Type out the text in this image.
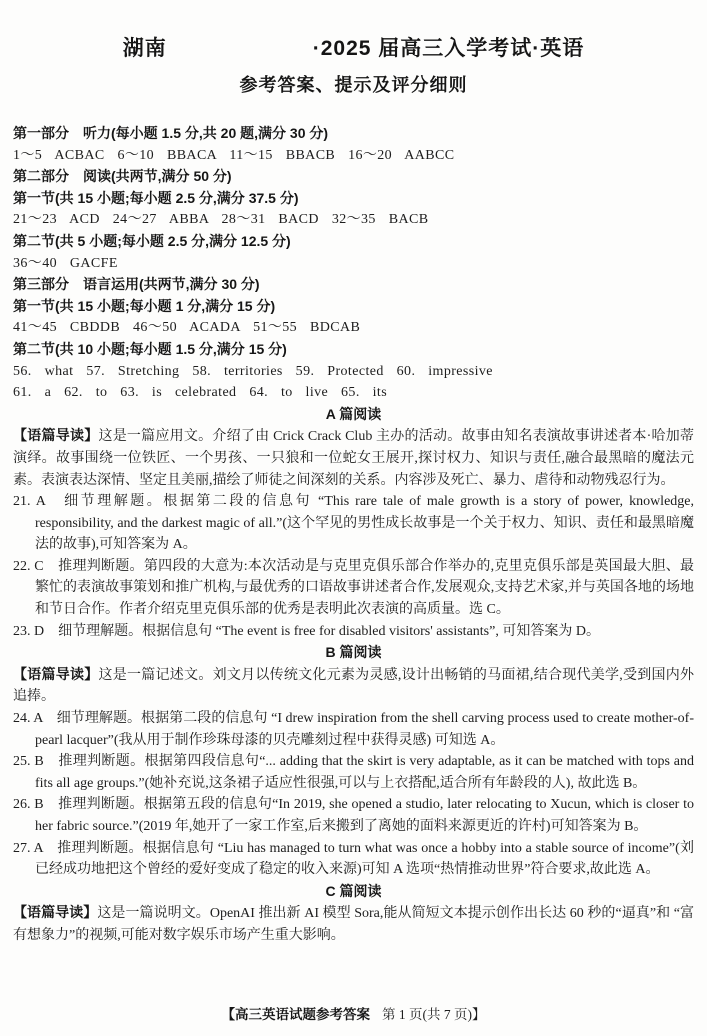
湖南	·2025 届高三入学考试·英语
参考答案、提示及评分细则

第一部分　听力(每小题 1.5 分,共 20 题,满分 30 分)

1～5 ACBAC 6～10 BBACA 11～15 BBACB 16～20 AABCC

第二部分　阅读(共两节,满分 50 分)

第一节(共 15 小题;每小题 2.5 分,满分 37.5 分)

21～23 ACD 24～27 ABBA 28～31 BACD 32～35 BACB

第二节(共 5 小题;每小题 2.5 分,满分 12.5 分)

36～40 GACFE

第三部分　语言运用(共两节,满分 30 分)

第一节(共 15 小题;每小题 1 分,满分 15 分)

41～45 CBDDB 46～50 ACADA 51～55 BDCAB

第二节(共 10 小题;每小题 1.5 分,满分 15 分)

56. what 57. Stretching 58. territories 59. Protected 60. impressive

61. a 62. to 63. is celebrated 64. to live 65. its

A 篇阅读

【语篇导读】这是一篇应用文。介绍了由 Crick Crack Club 主办的活动。故事由知名表演故事讲述者本·哈加蒂演绎。故事围绕一位铁匠、一个男孩、一只狼和一位蛇女王展开,探讨权力、知识与责任,融合最黑暗的魔法元素。表演表达深情、坚定且美丽,描绘了师徒之间深刻的关系。内容涉及死亡、暴力、虐待和动物残忍行为。

21. A　细节理解题。根据第二段的信息句 “This rare tale of male growth is a story of power, knowledge, responsibility, and the darkest magic of all.”(这个罕见的男性成长故事是一个关于权力、知识、责任和最黑暗魔法的故事),可知答案为 A。

22. C　推理判断题。第四段的大意为:本次活动是与克里克俱乐部合作举办的,克里克俱乐部是英国最大胆、最繁忙的表演故事策划和推广机构,与最优秀的口语故事讲述者合作,发展观众,支持艺术家,并与英国各地的场地和节日合作。作者介绍克里克俱乐部的优秀是表明此次表演的高质量。选 C。

23. D　细节理解题。根据信息句 “The event is free for disabled visitors' assistants”, 可知答案为 D。

B 篇阅读

【语篇导读】这是一篇记述文。刘文月以传统文化元素为灵感,设计出畅销的马面裙,结合现代美学,受到国内外追捧。

24. A　细节理解题。根据第二段的信息句 “I drew inspiration from the shell carving process used to create mother-of-pearl lacquer”(我从用于制作珍珠母漆的贝壳雕刻过程中获得灵感) 可知选 A。

25. B　推理判断题。根据第四段信息句“... adding that the skirt is very adaptable, as it can be matched with tops and fits all age groups.”(她补充说,这条裙子适应性很强,可以与上衣搭配,适合所有年龄段的人), 故此选 B。

26. B　推理判断题。根据第五段的信息句“In 2019, she opened a studio, later relocating to Xucun, which is closer to her fabric source.”(2019 年,她开了一家工作室,后来搬到了离她的面料来源更近的许村)可知答案为 B。

27. A　推理判断题。根据信息句 “Liu has managed to turn what was once a hobby into a stable source of income”(刘已经成功地把这个曾经的爱好变成了稳定的收入来源)可知 A 选项“热情推动世界”符合要求,故此选 A。

C 篇阅读

【语篇导读】这是一篇说明文。OpenAI 推出新 AI 模型 Sora,能从简短文本提示创作出长达 60 秒的“逼真”和 “富有想象力”的视频,可能对数字娱乐市场产生重大影响。

【高三英语试题参考答案 第 1 页(共 7 页)】
